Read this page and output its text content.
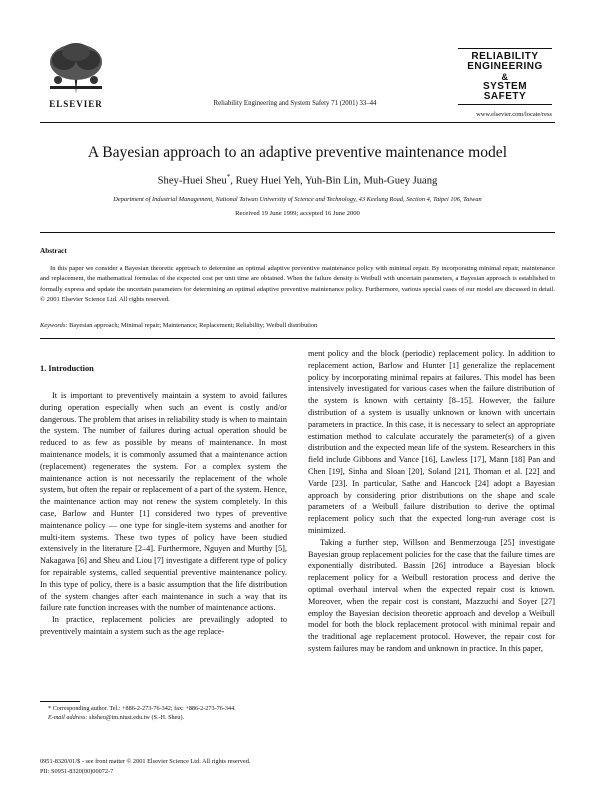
ELSEVIER	Reliability Engineering and System Safety 71 (2001) 33–44
RELIABILITY
ENGINEERING
&
SYSTEM
SAFETY
www.elsevier.com/locate/ress
A Bayesian approach to an adaptive preventive maintenance model
Shey-Huei Sheu*, Ruey Huei Yeh, Yuh-Bin Lin, Muh-Guey Juang
Department of Industrial Management, National Taiwan University of Science and Technology, 43 Keelung Road, Section 4, Taipei 106, Taiwan
Received 19 June 1999; accepted 16 June 2000
Abstract
In this paper we consider a Bayesian theoretic approach to determine an optimal adaptive preventive maintenance policy with minimal repair. By incorporating minimal repair, maintenance and replacement, the mathematical formulas of the expected cost per unit time are obtained. When the failure density is Weibull with uncertain parameters, a Bayesian approach is established to formally express and update the uncertain parameters for determining an optimal adaptive preventive maintenance policy. Furthermore, various special cases of our model are discussed in detail. © 2001 Elsevier Science Ltd. All rights reserved.
Keywords: Bayesian approach; Minimal repair; Maintenance; Replacement; Reliability; Weibull distribution
1. Introduction

It is important to preventively maintain a system to avoid failures during operation especially when such an event is costly and/or dangerous. The problem that arises in reliability study is when to maintain the system. The number of failures during actual operation should be reduced to as few as possible by means of maintenance. In most maintenance models, it is commonly assumed that a maintenance action (replacement) regenerates the system. For a complex system the maintenance action is not necessarily the replacement of the whole system, but often the repair or replacement of a part of the system. Hence, the maintenance action may not renew the system completely. In this case, Barlow and Hunter [1] considered two types of preventive maintenance policy — one type for single-item systems and another for multi-item systems. These two types of policy have been studied extensively in the literature [2–4]. Furthermore, Nguyen and Murthy [5], Nakagawa [6] and Sheu and Liou [7] investigate a different type of policy for repairable systems, called sequential preventive maintenance policy. In this type of policy, there is a basic assumption that the life distribution of the system changes after each maintenance in such a way that its failure rate function increases with the number of maintenance actions.

In practice, replacement policies are prevailingly adopted to preventively maintain a system such as the age replace-

ment policy and the block (periodic) replacement policy. In addition to replacement action, Barlow and Hunter [1] generalize the replacement policy by incorporating minimal repairs at failures. This model has been intensively investigated for various cases when the failure distribution of the system is known with certainty [8–15]. However, the failure distribution of a system is usually unknown or known with uncertain parameters in practice. In this case, it is necessary to select an appropriate estimation method to calculate accurately the parameter(s) of a given distribution and the expected mean life of the system. Researchers in this field include Gibbons and Vance [16], Lawless [17], Mann [18] Pan and Chen [19], Sinha and Sloan [20], Soland [21], Thoman et al. [22] and Varde [23]. In particular, Sathe and Hancock [24] adopt a Bayesian approach by considering prior distributions on the shape and scale parameters of a Weibull failure distribution to derive the optimal replacement policy such that the expected long-run average cost is minimized.

Taking a further step, Willson and Benmerzouga [25] investigate Bayesian group replacement policies for the case that the failure times are exponentially distributed. Bassin [26] introduce a Bayesian block replacement policy for a Weibull restoration process and derive the optimal overhaul interval when the expected repair cost is known. Moreover, when the repair cost is constant, Mazzuchi and Soyer [27] employ the Bayesian decision theoretic approach and develop a Weibull model for both the block replacement protocol with minimal repair and the traditional age replacement protocol. However, the repair cost for system failures may be random and unknown in practice. In this paper,

* Corresponding author. Tel.: +886-2-273-76-342; fax: +886-2-273-76-344.
E-mail address: shsheu@im.ntust.edu.tw (S.-H. Sheu).
0951-8320/01/$ - see front matter © 2001 Elsevier Science Ltd. All rights reserved.
PII: S0951-8320(00)00072-7
